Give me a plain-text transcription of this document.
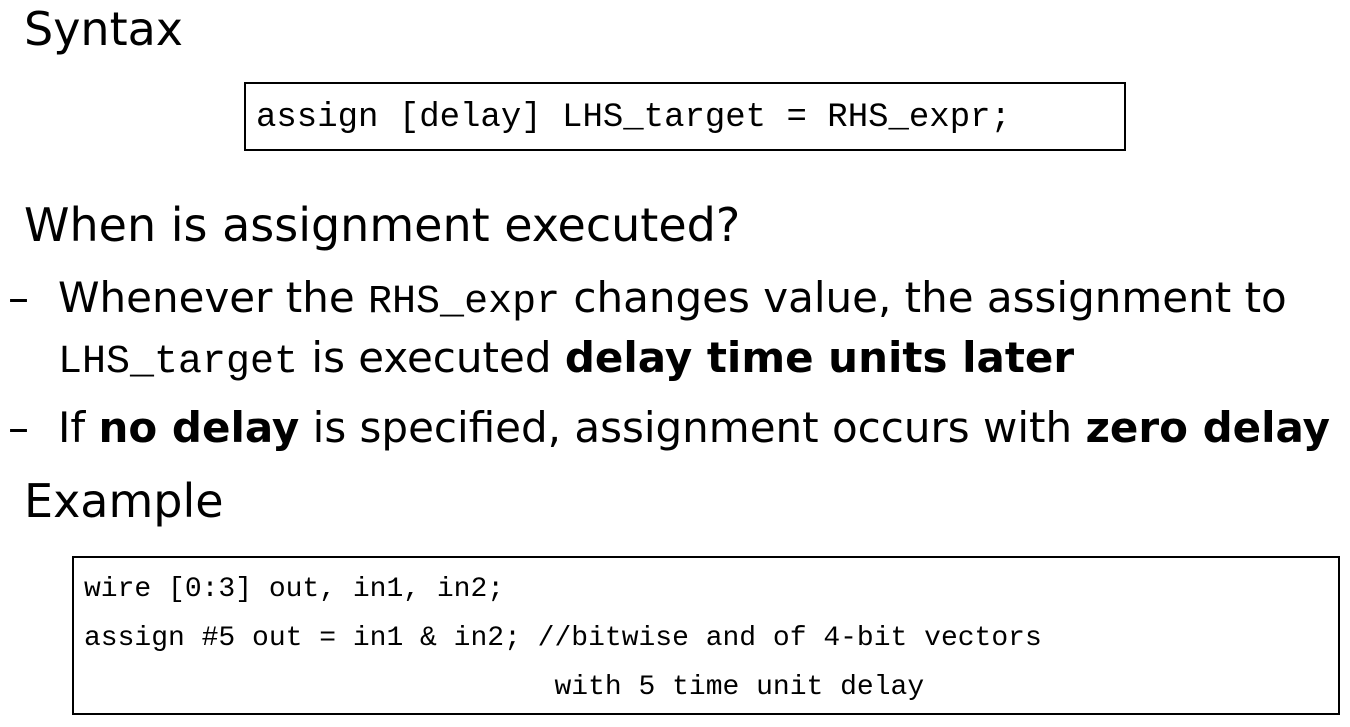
Syntax
assign [delay] LHS_target = RHS_expr;
When is assignment executed?
– Whenever the RHS_expr changes value, the assignment to
LHS_target is executed delay time units later
– If no delay is specified, assignment occurs with zero delay
Example
wire [0:3] out, in1, in2;
assign #5 out = in1 & in2; //bitwise and of 4-bit vectors
with 5 time unit delay
